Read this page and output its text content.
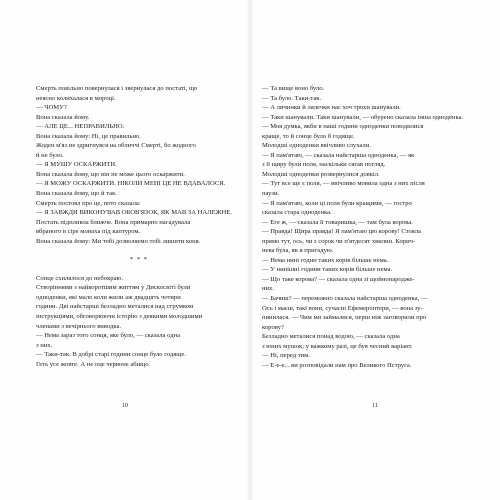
Смерть повільно повернулася і звернулася до постаті, що
неясно колихалася в мороці.
— ЧОМУ?
Вона сказала йому.
— АЛЕ ЦЕ... НЕПРАВИЛЬНО.
Вона сказала йому: Ні, це правильно.
Жоден м'яз не здригнувся на обличчі Смерті, бо жодного
й не було.
— Я МУШУ ОСКАРЖИТИ.
Вона сказала йому, що він не може цього оскаржити.
— Я МОЖУ ОСКАРЖИТИ. НІКОЛИ МЕНІ ЦЕ НЕ ВДАВАЛОСЯ.
Вона сказала йому, що й так.
Смерть постоял про це, пото сказала:
— Я ЗАВЖДИ ВИКОНУВАВ ОБОВ'ЯЗОК, ЯК МАВ ЗА НАЛЕЖНЕ.
Постать підпливла ближче. Вона примарно нагадувала
вбраного в сіре монаха під каптуром.
Вона сказала йому: Ми тобі дозволяємо тобі лишити коня.
* * *
Сонце схилялося до небокраю.
Створіннями з найкоротшим життям у Дискосвіті були
одноденки, які мало коли жили аж двадцять чотири
години. Дві найстарші безладно металися над струмком
інструкціями, обговорюючи історію з деякими молодшими
членами з вечірнього виводка.
— Нема зараз того сонця, яке було, — сказала одна
з них.
— Таки-так. В добрі старі години сонце було годяще.
Геть усе жовте. А не оце червоне абищо.
— Та вище воно було.
— Та було. Таки-так.
— А личинки й лялечки нас хоч трохи шанували.
— Таки шанували. Таки шанували, — обурено сказала інша одноденка.
— Моя думка, якби в наші години одноденки поводилися
краще, то й сонце було б годяще.
Молодші одноденки ввічливо слухали.
— Я пам'ятаю, — сказала найстарша одноденка, — як
з її щиру були поля, наскільки сягав погляд.
Молодші одноденки розвернулися довкіл.
— Тут все ще є поля, — ввічливо мовила одна з них після
паузи.
— Я пам'ятаю, коли ці поля були кращими, — гостро
сказала стара одноденка.
— Еге ж, — сказала її товаришка, — там була корова.
— Правда! Щира правда! Я пам'ятаю цю корову! Стояла
прямо тут, ось, чи з сорок чи п'ятдесят хвилин. Корич-
нева була, як я пригадую.
— Нема нині годин таких корів більше нема.
— У нинішні години таких корів більше нема.
— Що таке корова? — сказала одна зі щойнонародже-
них.
— Бачиш? — переможно сказала найстарша одноденка, —
Ось і маєш, такі вони, сучасні Ефемероптери, — вона зу-
пинилася. — Чим ми займалися, перш ніж заговорили про
корову?
Безладно металися понад водою, — сказала одна
з юних мушок; у важкому разі, це був чесний варіант.
— Ні, перед тим.
— Е-е-е... ви розповідали нам про Великого Пструга.
10	11
